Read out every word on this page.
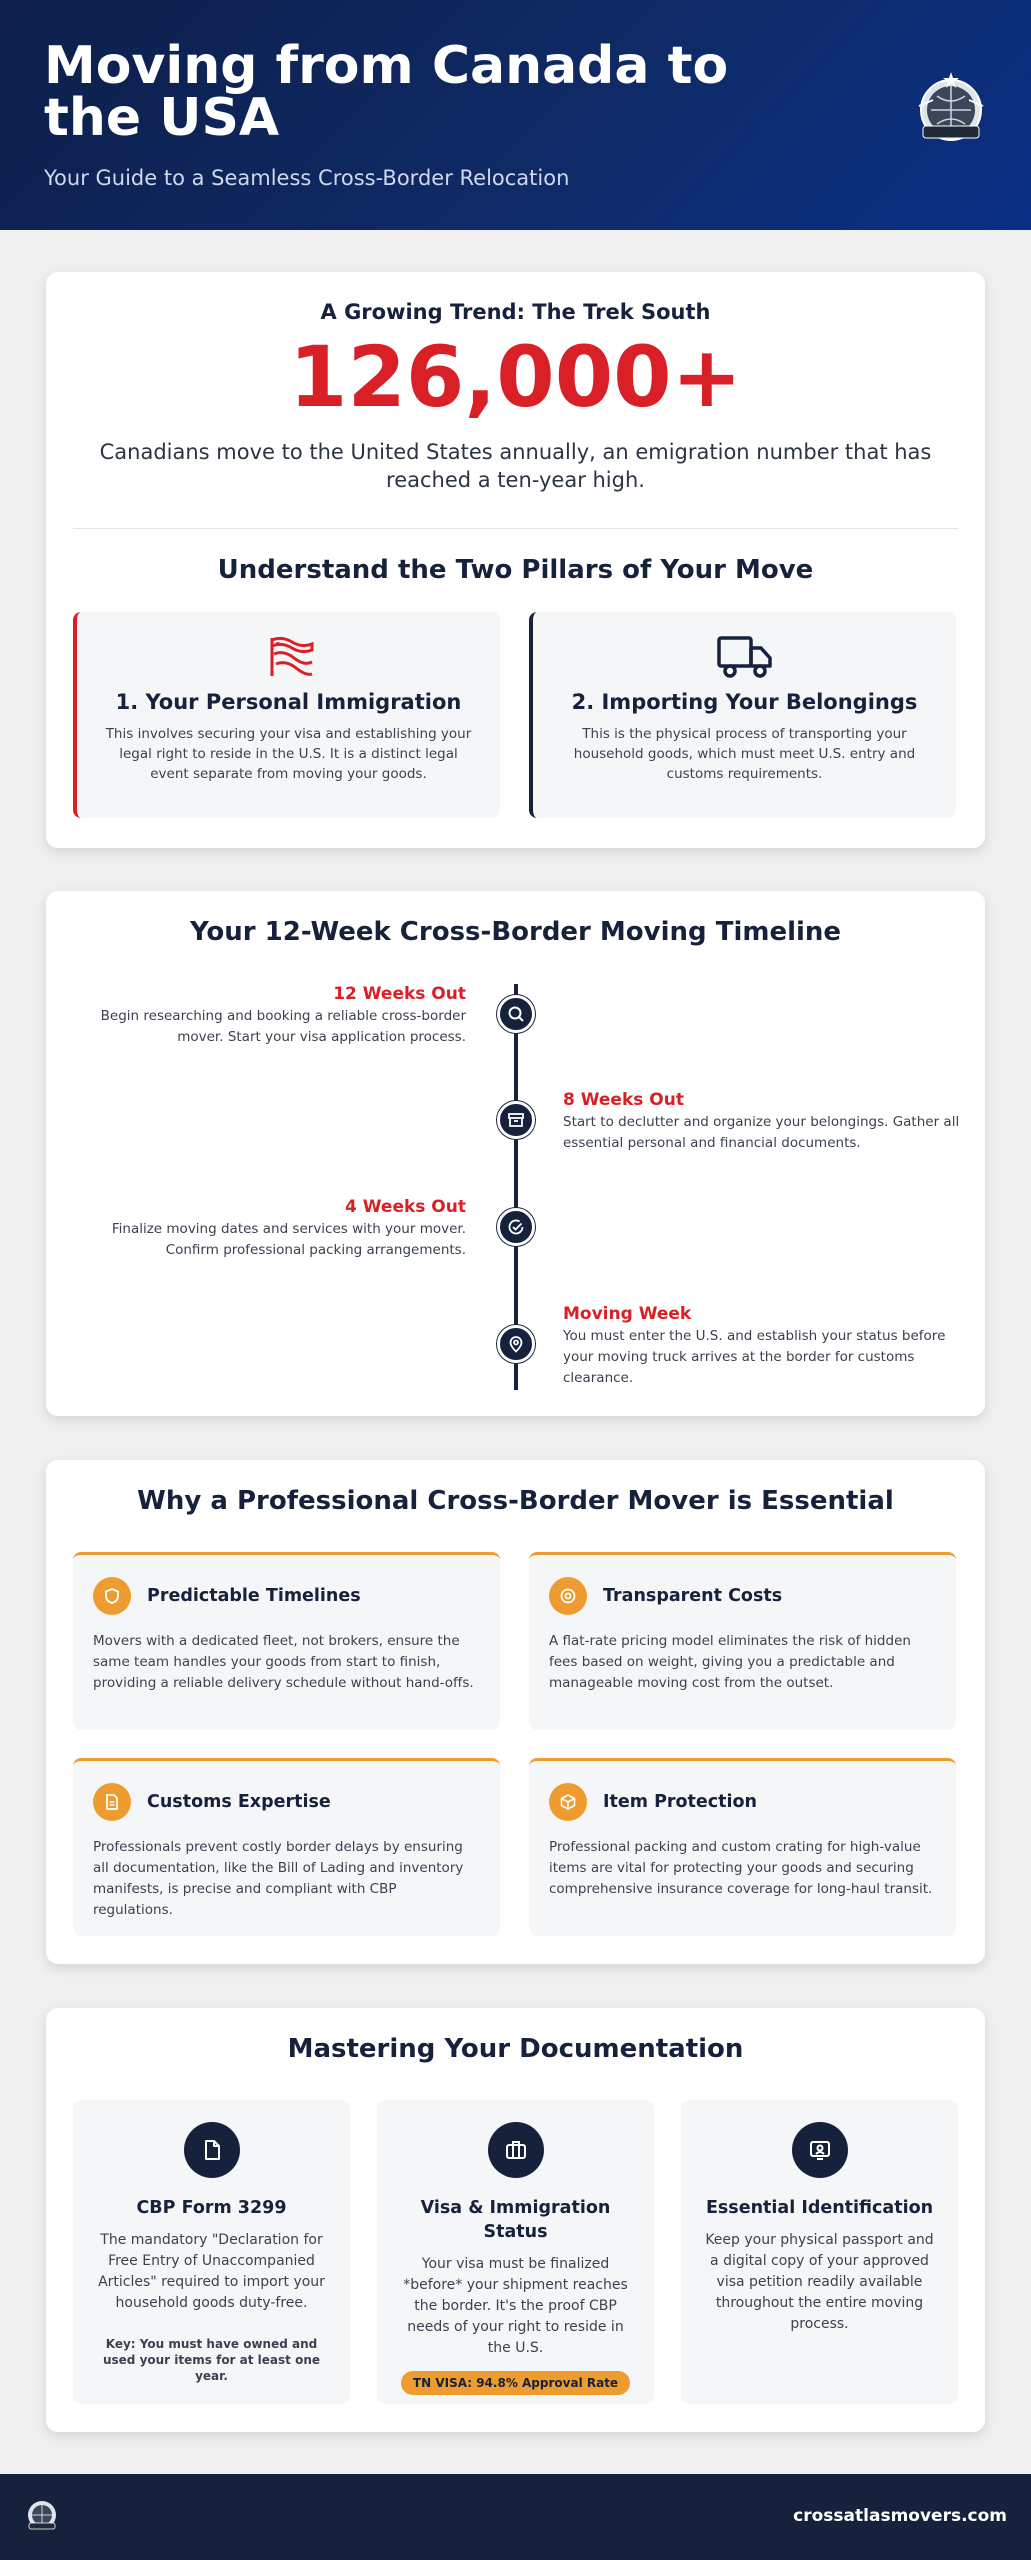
Moving from Canada to the USA
Your Guide to a Seamless Cross-Border Relocation
A Growing Trend: The Trek South
126,000+
Canadians move to the United States annually, an emigration number that has reached a ten-year high.
Understand the Two Pillars of Your Move
1. Your Personal Immigration
This involves securing your visa and establishing your legal right to reside in the U.S. It is a distinct legal event separate from moving your goods.
2. Importing Your Belongings
This is the physical process of transporting your household goods, which must meet U.S. entry and customs requirements.
Your 12-Week Cross-Border Moving Timeline
12 Weeks Out
Begin researching and booking a reliable cross-border mover. Start your visa application process.
8 Weeks Out
Start to declutter and organize your belongings. Gather all essential personal and financial documents.
4 Weeks Out
Finalize moving dates and services with your mover. Confirm professional packing arrangements.
Moving Week
You must enter the U.S. and establish your status before your moving truck arrives at the border for customs clearance.
Why a Professional Cross-Border Mover is Essential
Predictable Timelines
Movers with a dedicated fleet, not brokers, ensure the same team handles your goods from start to finish, providing a reliable delivery schedule without hand-offs.
Transparent Costs
A flat-rate pricing model eliminates the risk of hidden fees based on weight, giving you a predictable and manageable moving cost from the outset.
Customs Expertise
Professionals prevent costly border delays by ensuring all documentation, like the Bill of Lading and inventory manifests, is precise and compliant with CBP regulations.
Item Protection
Professional packing and custom crating for high-value items are vital for protecting your goods and securing comprehensive insurance coverage for long-haul transit.
Mastering Your Documentation
CBP Form 3299
The mandatory "Declaration for Free Entry of Unaccompanied Articles" required to import your household goods duty-free.
Key: You must have owned and used your items for at least one year.
Visa & Immigration Status
Your visa must be finalized *before* your shipment reaches the border. It's the proof CBP needs of your right to reside in the U.S.
TN VISA: 94.8% Approval Rate
Essential Identification
Keep your physical passport and a digital copy of your approved visa petition readily available throughout the entire moving process.
crossatlasmovers.com
